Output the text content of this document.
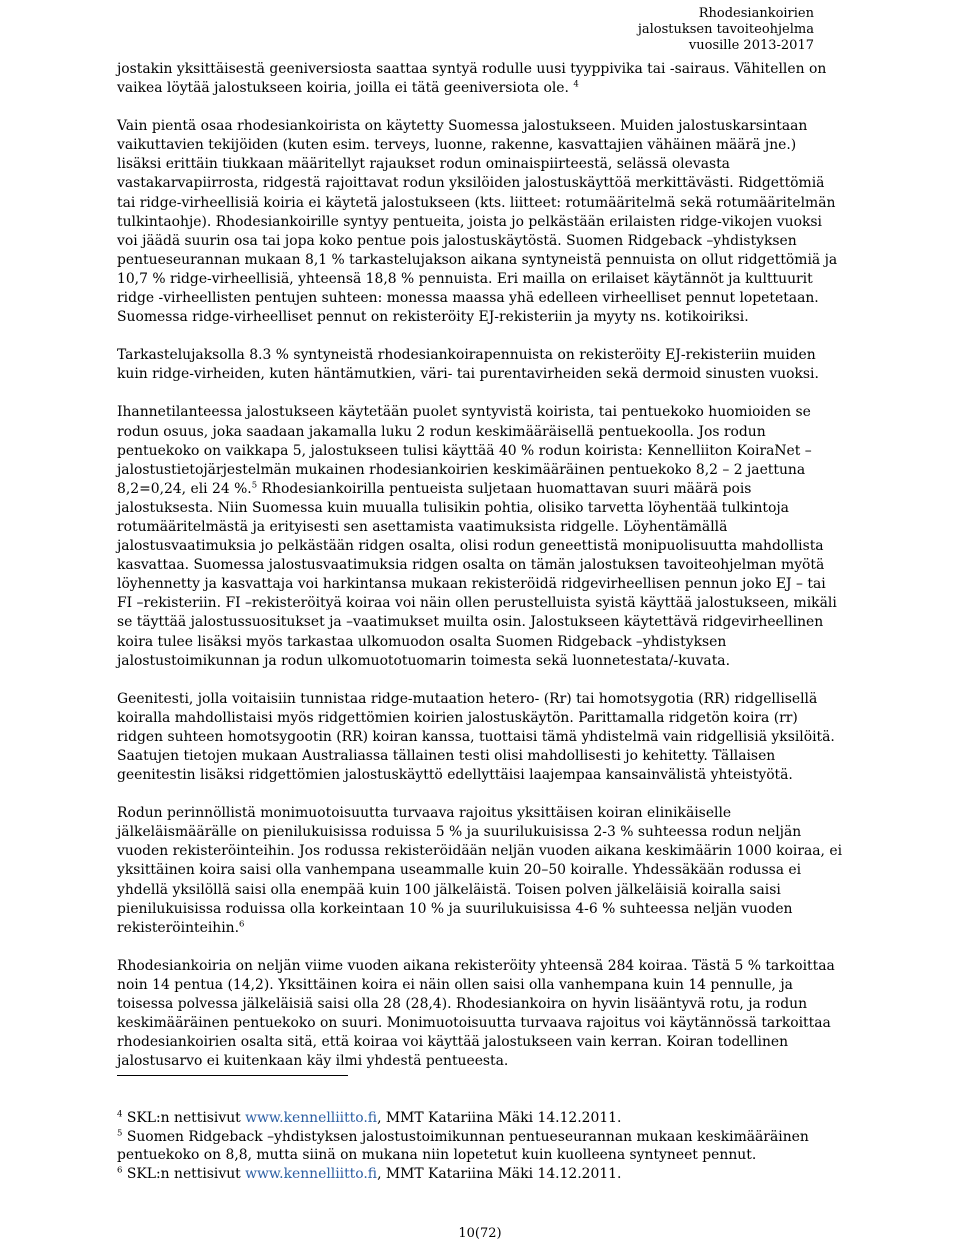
Rhodesiankoirien
jalostuksen tavoiteohjelma
vuosille 2013-2017

jostakin yksittäisestä geeniversiosta saattaa syntyä rodulle uusi tyyppivika tai -sairaus. Vähitellen on vaikea löytää jalostukseen koiria, joilla ei tätä geeniversiota ole. $^4$

Vain pientä osaa rhodesiankoirista on käytetty Suomessa jalostukseen. Muiden jalostuskarsintaan vaikuttavien tekijöiden (kuten esim. terveys, luonne, rakenne, kasvattajien vähäinen määrä jne.) lisäksi erittäin tiukkaan määritellyt rajaukset rodun ominaispiirteestä, selässä olevasta vastakarvapiirrosta, ridgestä rajoittavat rodun yksilöiden jalostuskäyttöä merkittävästi. Ridgettömiä tai ridge-virheellisiä koiria ei käytetä jalostukseen (kts. liitteet: rotumääritelmä sekä rotumääritelmän tulkintaohje). Rhodesiankoirille syntyy pentueita, joista jo pelkästään erilaisten ridge-vikojen vuoksi voi jäädä suurin osa tai jopa koko pentue pois jalostuskäytöstä. Suomen Ridgeback –yhdistyksen pentueseurannan mukaan 8,1 % tarkastelujakson aikana syntyneistä pennuista on ollut ridgettömiä ja 10,7 % ridge-virheellisiä, yhteensä 18,8 % pennuista. Eri mailla on erilaiset käytännöt ja kulttuurit ridge -virheellisten pentujen suhteen: monessa maassa yhä edelleen virheelliset pennut lopetetaan. Suomessa ridge-virheelliset pennut on rekisteröity EJ-rekisteriin ja myyty ns. kotikoiriksi.

Tarkastelujaksolla 8.3 % syntyneistä rhodesiankoirapennuista on rekisteröity EJ-rekisteriin muiden kuin ridge-virheiden, kuten häntämutkien, väri- tai purentavirheiden sekä dermoid sinusten vuoksi.

Ihannetilanteessa jalostukseen käytetään puolet syntyvistä koirista, tai pentuekoko huomioiden se rodun osuus, joka saadaan jakamalla luku 2 rodun keskimääräisellä pentuekoolla. Jos rodun pentuekoko on vaikkapa 5, jalostukseen tulisi käyttää 40 % rodun koirista: Kennelliiton KoiraNet –jalostustietojärjestelmän mukainen rhodesiankoirien keskimääräinen pentuekoko 8,2 – 2 jaettuna 8,2=0,24, eli 24 %.$^5$ Rhodesiankoirilla pentueista suljetaan huomattavan suuri määrä pois jalostuksesta. Niin Suomessa kuin muualla tulisikin pohtia, olisiko tarvetta löyhentää tulkintoja rotumääritelmästä ja erityisesti sen asettamista vaatimuksista ridgelle. Löyhentämällä jalostusvaatimuksia jo pelkästään ridgen osalta, olisi rodun geneettistä monipuolisuutta mahdollista kasvattaa. Suomessa jalostusvaatimuksia ridgen osalta on tämän jalostuksen tavoiteohjelman myötä löyhennetty ja kasvattaja voi harkintansa mukaan rekisteröidä ridgevirheellisen pennun joko EJ – tai FI –rekisteriin. FI –rekisteröityä koiraa voi näin ollen perustelluista syistä käyttää jalostukseen, mikäli se täyttää jalostussuositukset ja –vaatimukset muilta osin. Jalostukseen käytettävä ridgevirheellinen koira tulee lisäksi myös tarkastaa ulkomuodon osalta Suomen Ridgeback –yhdistyksen jalostustoimikunnan ja rodun ulkomuototuomarin toimesta sekä luonnetestata/-kuvata.

Geenitesti, jolla voitaisiin tunnistaa ridge-mutaation hetero- (Rr) tai homotsygotia (RR) ridgellisellä koiralla mahdollistaisi myös ridgettömien koirien jalostuskäytön. Parittamalla ridgetön koira (rr) ridgen suhteen homotsygootin (RR) koiran kanssa, tuottaisi tämä yhdistelmä vain ridgellisiä yksilöitä. Saatujen tietojen mukaan Australiassa tällainen testi olisi mahdollisesti jo kehitetty. Tällaisen geenitestin lisäksi ridgettömien jalostuskäyttö edellyttäisi laajempaa kansainvälistä yhteistyötä.

Rodun perinnöllistä monimuotoisuutta turvaava rajoitus yksittäisen koiran elinikäiselle jälkeläismäärälle on pienilukuisissa roduissa 5 % ja suurilukuisissa 2-3 % suhteessa rodun neljän vuoden rekisteröinteihin. Jos rodussa rekisteröidään neljän vuoden aikana keskimäärin 1000 koiraa, ei yksittäinen koira saisi olla vanhempana useammalle kuin 20–50 koiralle. Yhdessäkään rodussa ei yhdellä yksilöllä saisi olla enempää kuin 100 jälkeläistä. Toisen polven jälkeläisiä koiralla saisi pienilukuisissa roduissa olla korkeintaan 10 % ja suurilukuisissa 4-6 % suhteessa neljän vuoden rekisteröinteihin.$^6$

Rhodesiankoiria on neljän viime vuoden aikana rekisteröity yhteensä 284 koiraa. Tästä 5 % tarkoittaa noin 14 pentua (14,2). Yksittäinen koira ei näin ollen saisi olla vanhempana kuin 14 pennulle, ja toisessa polvessa jälkeläisiä saisi olla 28 (28,4). Rhodesiankoira on hyvin lisääntyvä rotu, ja rodun keskimääräinen pentuekoko on suuri. Monimuotoisuutta turvaava rajoitus voi käytännössä tarkoittaa rhodesiankoirien osalta sitä, että koiraa voi käyttää jalostukseen vain kerran. Koiran todellinen jalostusarvo ei kuitenkaan käy ilmi yhdestä pentueesta.

$^4$ SKL:n nettisivut www.kennelliitto.fi, MMT Katariina Mäki 14.12.2011.
$^5$ Suomen Ridgeback –yhdistyksen jalostustoimikunnan pentueseurannan mukaan keskimääräinen pentuekoko on 8,8, mutta siinä on mukana niin lopetetut kuin kuolleena syntyneet pennut.
$^6$ SKL:n nettisivut www.kennelliitto.fi, MMT Katariina Mäki 14.12.2011.
10(72)
